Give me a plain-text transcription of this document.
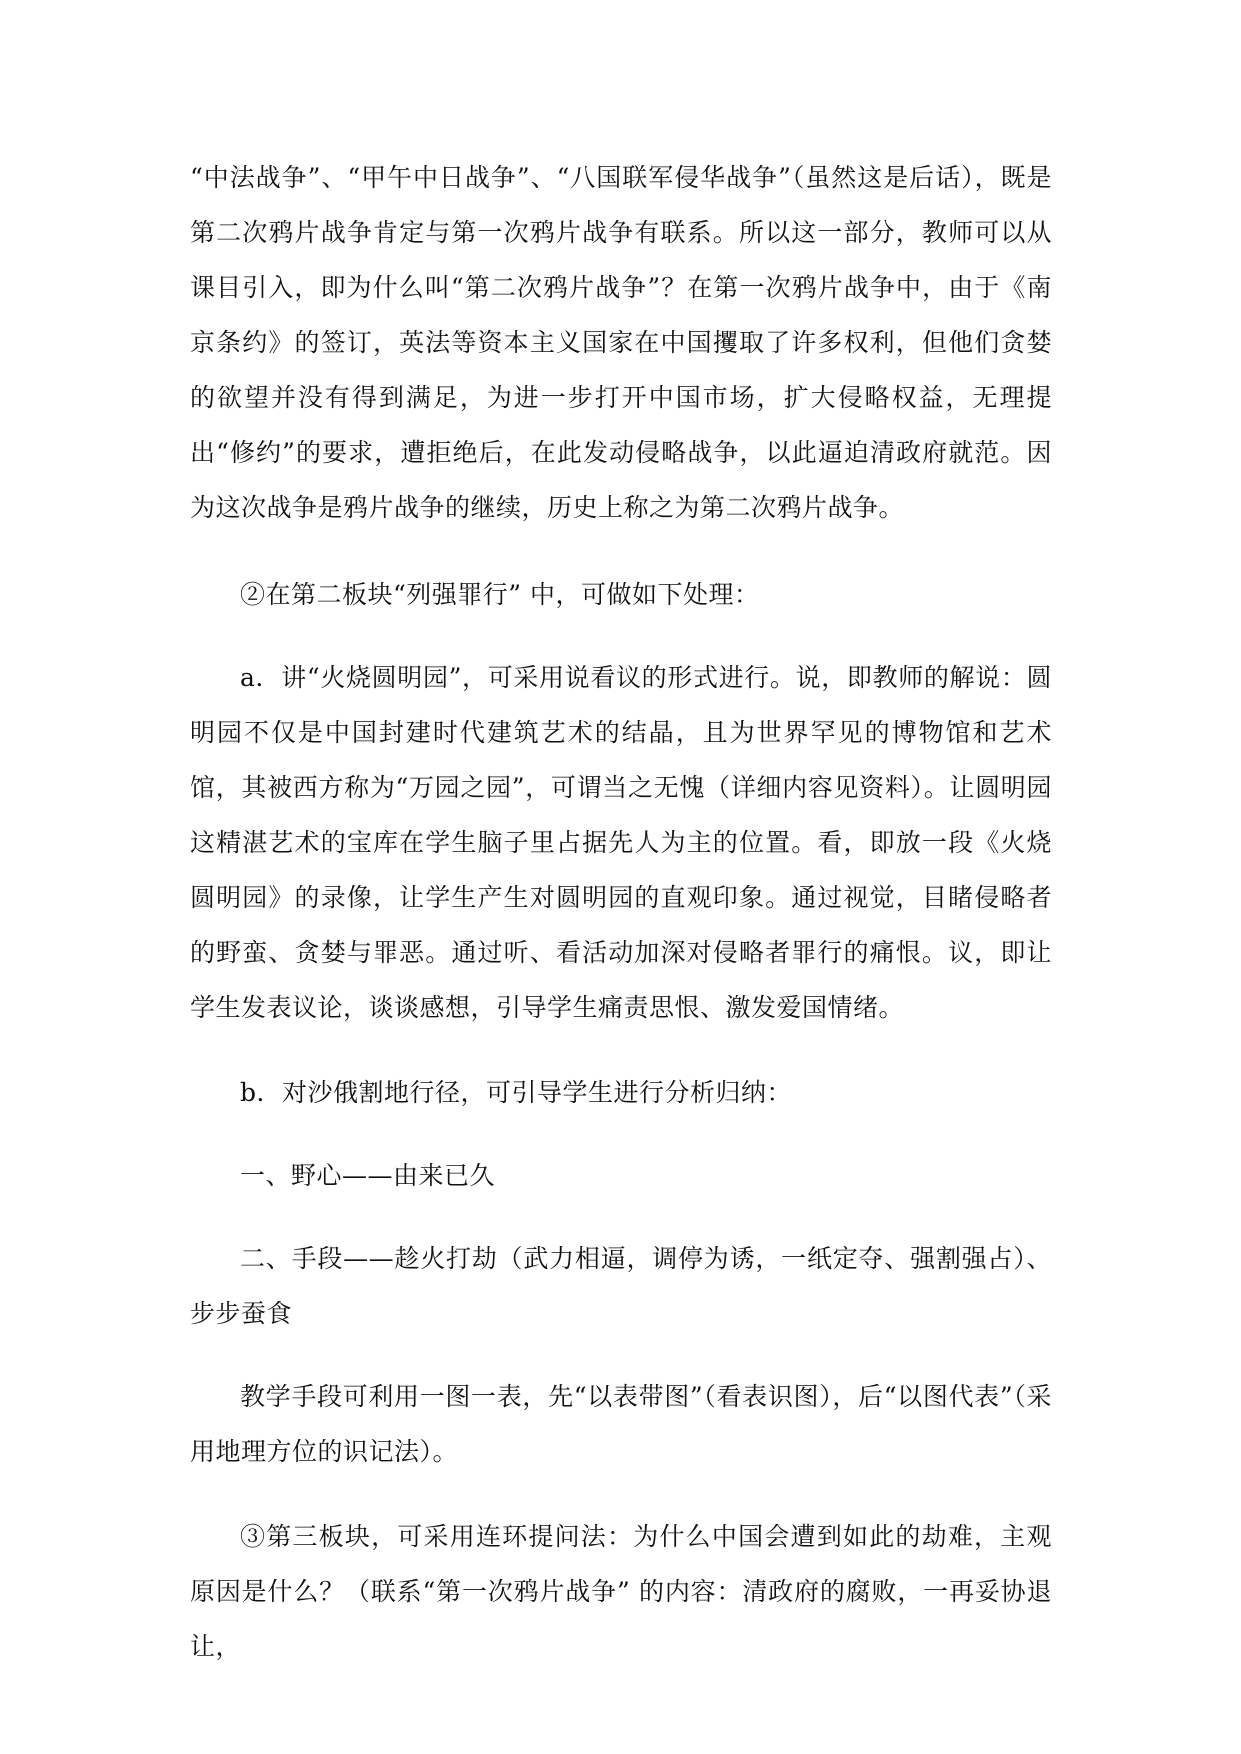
“中法战争”、“甲午中日战争”、“八国联军侵华战争”（虽然这是后话），既是第二次鸦片战争肯定与第一次鸦片战争有联系。所以这一部分，教师可以从课目引入，即为什么叫“第二次鸦片战争”？在第一次鸦片战争中，由于《南京条约》的签订，英法等资本主义国家在中国攫取了许多权利，但他们贪婪的欲望并没有得到满足，为进一步打开中国市场，扩大侵略权益，无理提出“修约”的要求，遭拒绝后，在此发动侵略战争，以此逼迫清政府就范。因为这次战争是鸦片战争的继续，历史上称之为第二次鸦片战争。

②在第二板块“列强罪行” 中，可做如下处理：

a．讲“火烧圆明园”，可采用说看议的形式进行。说，即教师的解说：圆明园不仅是中国封建时代建筑艺术的结晶，且为世界罕见的博物馆和艺术馆，其被西方称为“万园之园”，可谓当之无愧（详细内容见资料）。让圆明园这精湛艺术的宝库在学生脑子里占据先人为主的位置。看，即放一段《火烧圆明园》的录像，让学生产生对圆明园的直观印象。通过视觉，目睹侵略者的野蛮、贪婪与罪恶。通过听、看活动加深对侵略者罪行的痛恨。议，即让学生发表议论，谈谈感想，引导学生痛责思恨、激发爱国情绪。

b．对沙俄割地行径，可引导学生进行分析归纳：

一、野心——由来已久

二、手段——趁火打劫（武力相逼，调停为诱，一纸定夺、强割强占）、步步蚕食

教学手段可利用一图一表，先“以表带图”（看表识图），后“以图代表”（采用地理方位的识记法）。

③第三板块，可采用连环提问法：为什么中国会遭到如此的劫难，主观原因是什么？（联系“第一次鸦片战争” 的内容：清政府的腐败，一再妥协退让，
